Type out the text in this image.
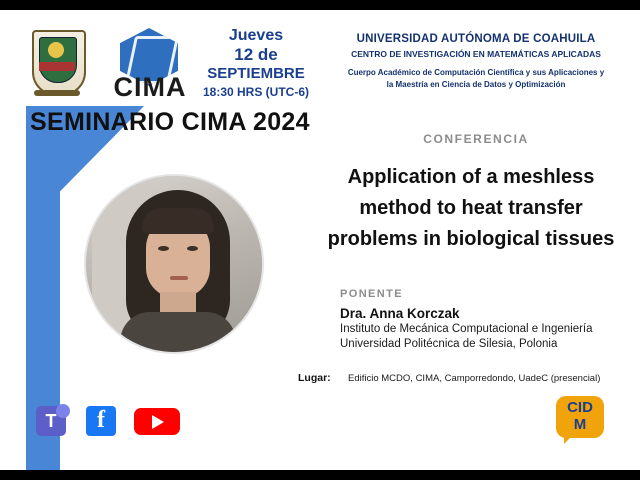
CIMA
Jueves
12 de
SEPTIEMBRE
18:30 HRS (UTC-6)
UNIVERSIDAD AUTÓNOMA DE COAHUILA
CENTRO DE INVESTIGACIÓN EN MATEMÁTICAS APLICADAS
Cuerpo Académico de Computación Científica y sus Aplicaciones y
la Maestría en Ciencia de Datos y Optimización
SEMINARIO CIMA 2024
CONFERENCIA
Application of a meshless method to heat transfer problems in biological tissues
PONENTE
Dra. Anna Korczak
Instituto de Mecánica Computacional e Ingeniería
Universidad Politécnica de Silesia, Polonia
Lugar: Edificio MCDO, CIMA, Camporredondo, UadeC (presencial)
T
f
CID
M
